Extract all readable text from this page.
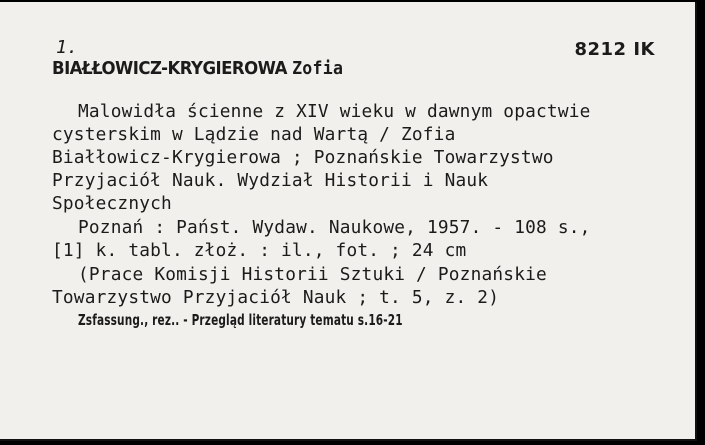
1.	8212 IK
BIAŁŁOWICZ-KRYGIEROWA Zofia
Malowidła ścienne z XIV wieku w dawnym opactwie
cysterskim w Lądzie nad Wartą / Zofia
Białłowicz-Krygierowa ; Poznańskie Towarzystwo
Przyjaciół Nauk. Wydział Historii i Nauk
Społecznych
Poznań : Państ. Wydaw. Naukowe, 1957. - 108 s.,
[1] k. tabl. złoż. : il., fot. ; 24 cm
(Prace Komisji Historii Sztuki / Poznańskie
Towarzystwo Przyjaciół Nauk ; t. 5, z. 2)
Zsfassung., rez.. - Przegląd literatury tematu s.16-21
